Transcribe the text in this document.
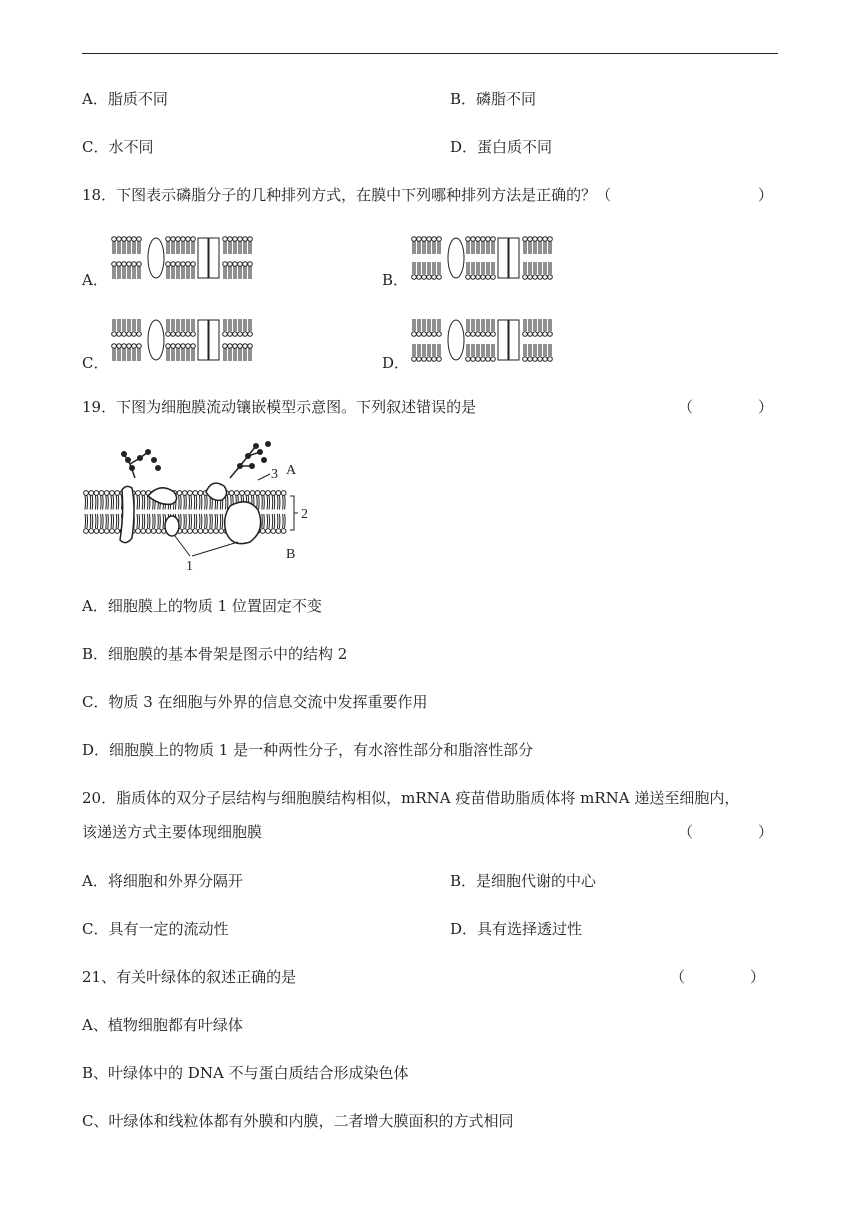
A．脂质不同	B．磷脂不同
C．水不同	D．蛋白质不同
18．下图表示磷脂分子的几种排列方式，在膜中下列哪种排列方法是正确的？（	）
A．	B．
C．	D．
19．下图为细胞膜流动镶嵌模型示意图。下列叙述错误的是	（	）
3 A
2
B
1
A．细胞膜上的物质 1 位置固定不变
B．细胞膜的基本骨架是图示中的结构 2
C．物质 3 在细胞与外界的信息交流中发挥重要作用
D．细胞膜上的物质 1 是一种两性分子，有水溶性部分和脂溶性部分
20．脂质体的双分子层结构与细胞膜结构相似，mRNA 疫苗借助脂质体将 mRNA 递送至细胞内，
该递送方式主要体现细胞膜	（	）
A．将细胞和外界分隔开	B．是细胞代谢的中心
C．具有一定的流动性	D．具有选择透过性
21、有关叶绿体的叙述正确的是	（	）
A、植物细胞都有叶绿体
B、叶绿体中的 DNA 不与蛋白质结合形成染色体
C、叶绿体和线粒体都有外膜和内膜，二者增大膜面积的方式相同
